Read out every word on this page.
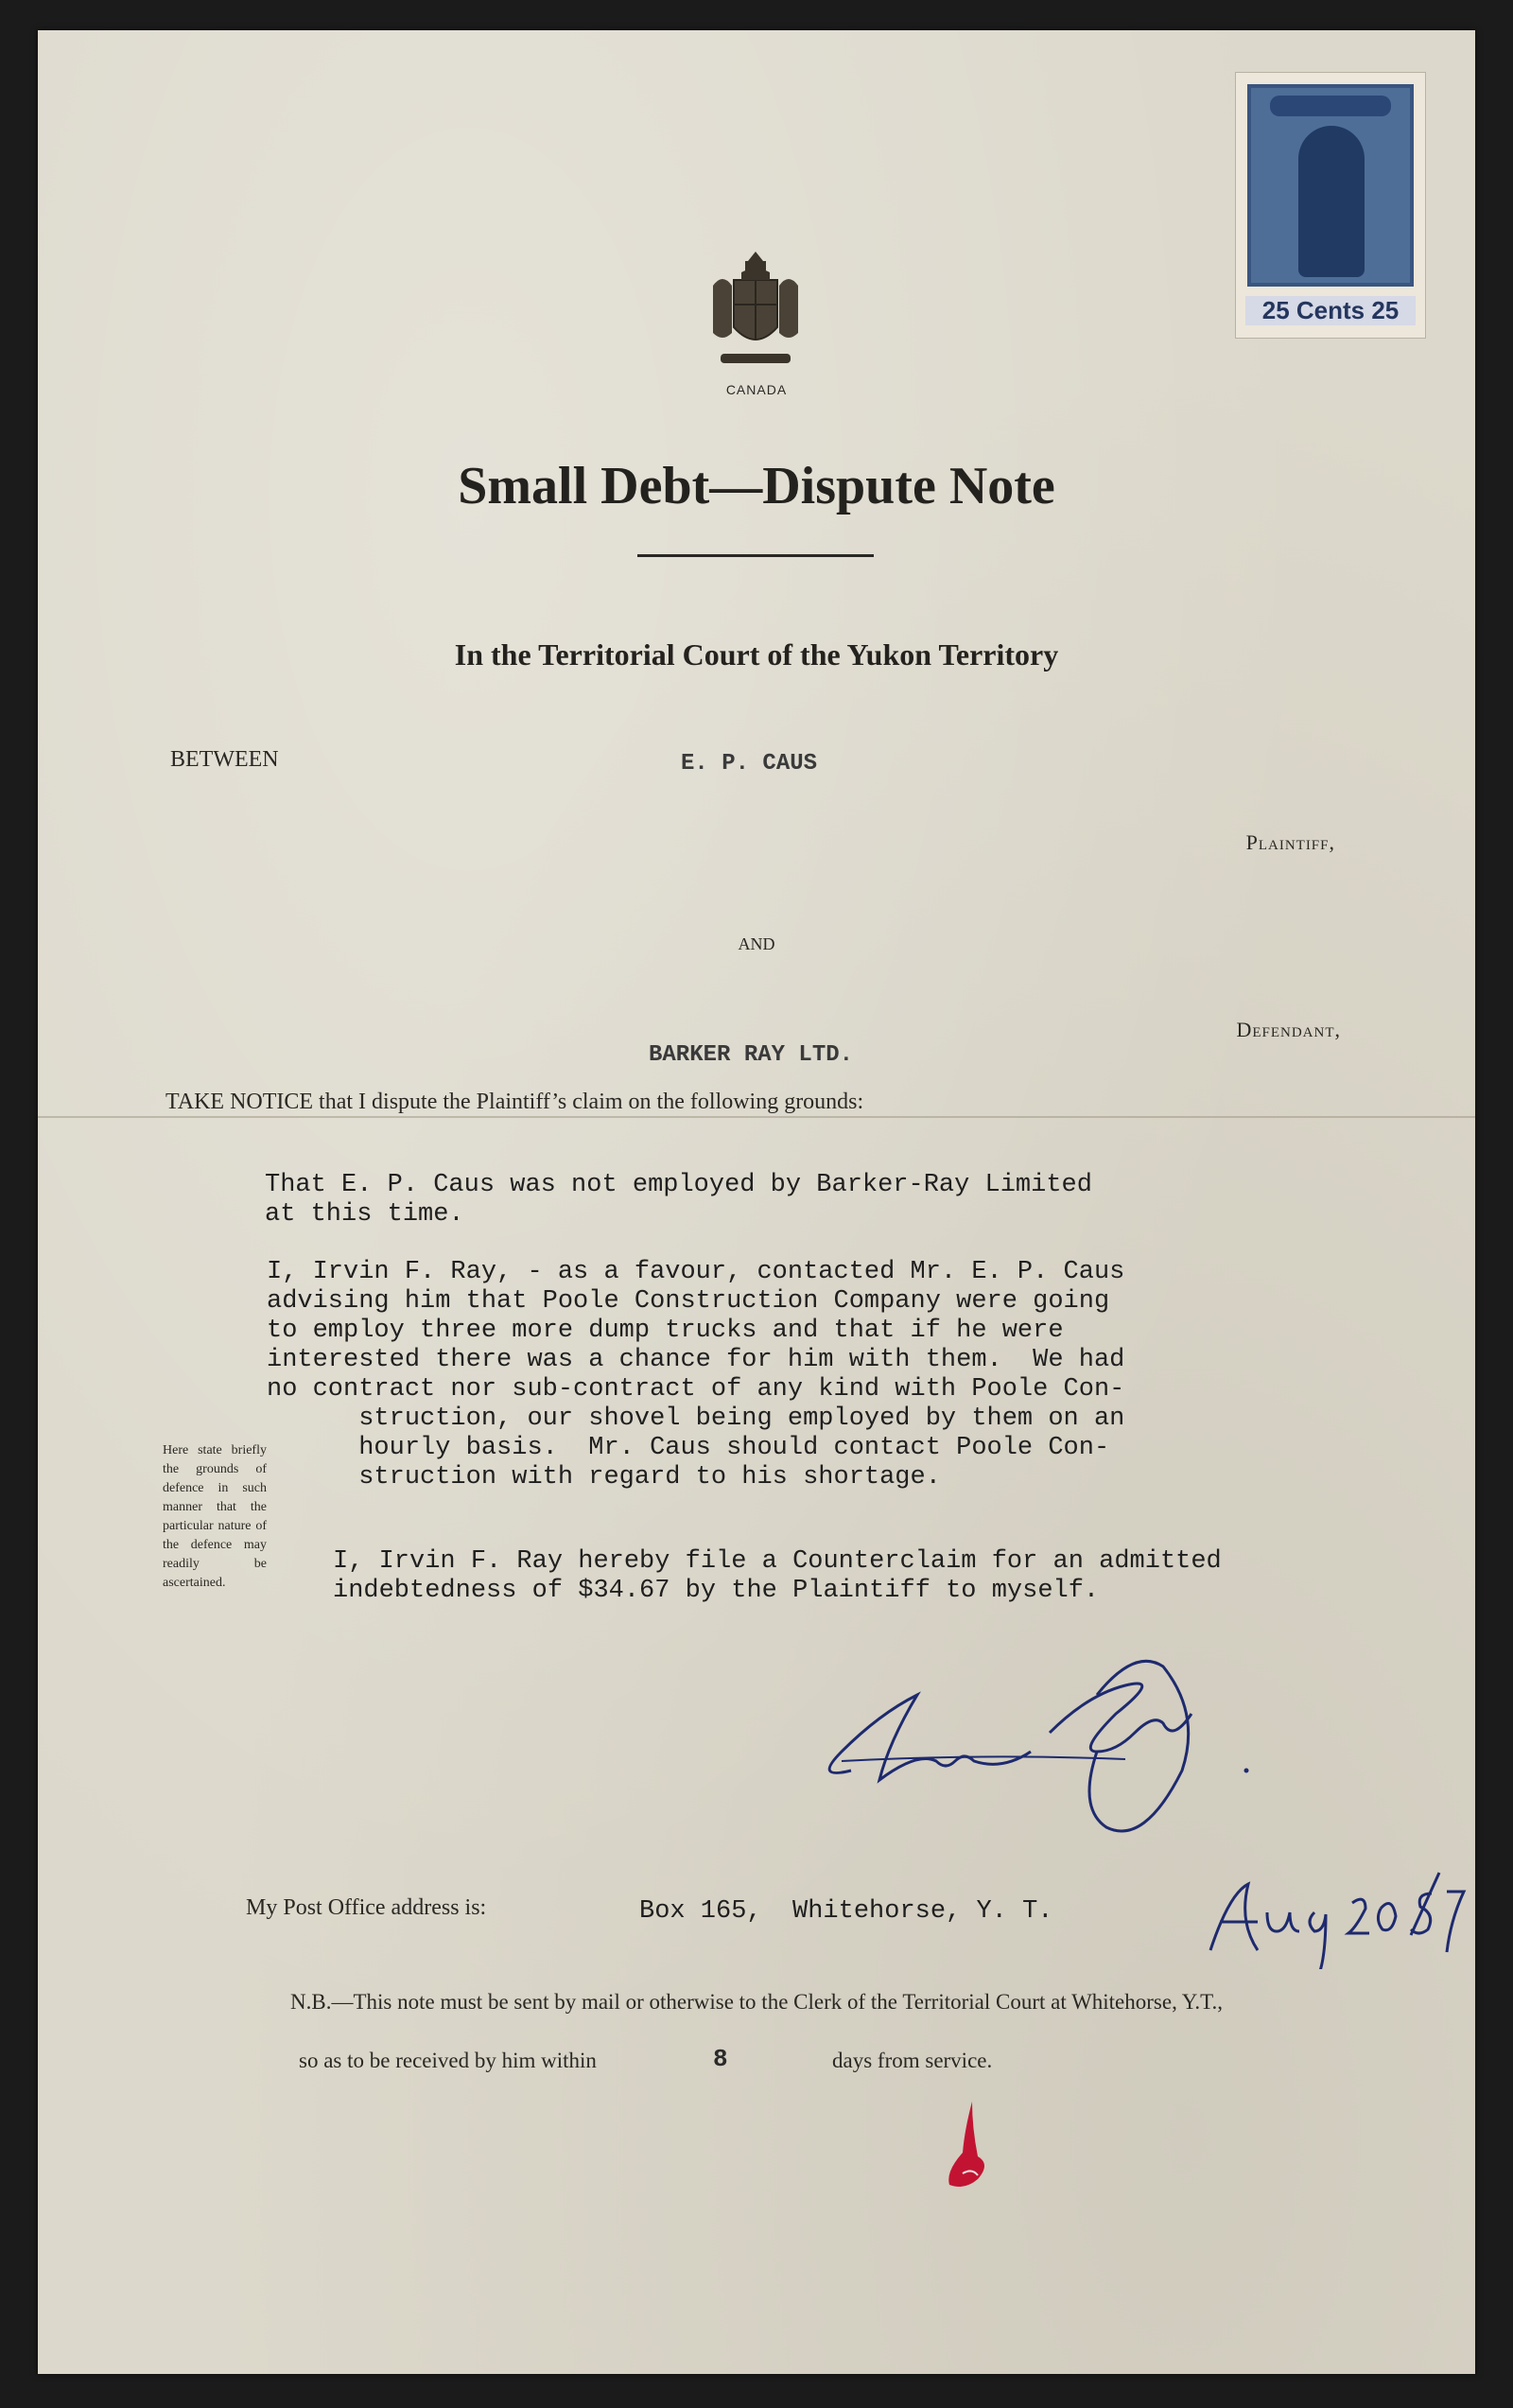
25 Cents 25
CANADA
Small Debt—Dispute Note
In the Territorial Court of the Yukon Territory
BETWEEN	E. P. CAUS
Plaintiff,
AND
Defendant,
BARKER RAY LTD.
TAKE NOTICE that I dispute the Plaintiff’s claim on the following grounds:
That E. P. Caus was not employed by Barker-Ray Limited
at this time.
I, Irvin F. Ray, - as a favour, contacted Mr. E. P. Caus
advising him that Poole Construction Company were going
to employ three more dump trucks and that if he were
interested there was a chance for him with them.  We had
no contract nor sub-contract of any kind with Poole Con-
struction, our shovel being employed by them on an
hourly basis.  Mr. Caus should contact Poole Con-
struction with regard to his shortage.
I, Irvin F. Ray hereby file a Counterclaim for an admitted
indebtedness of $34.67 by the Plaintiff to myself.
Here state briefly the grounds of defence in such manner that the particular nature of the defence may readily be ascertained.
My Post Office address is:	Box 165,  Whitehorse, Y. T.
N.B.—This note must be sent by mail or otherwise to the Clerk of the Territorial Court at Whitehorse, Y.T.,
so as to be received by him within	8	days from service.
